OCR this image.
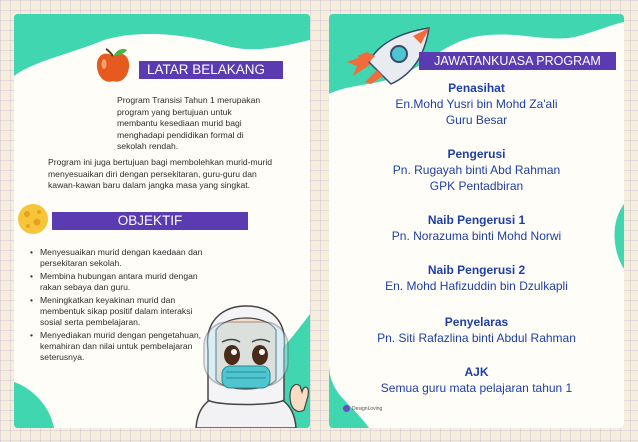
LATAR BELAKANG
Program Transisi Tahun 1 merupakan program yang bertujuan untuk membantu kesediaan murid bagi menghadapi pendidikan formal di sekolah rendah.
Program ini juga bertujuan bagi membolehkan murid-murid menyesuaikan diri dengan persekitaran, guru-guru dan kawan-kawan baru dalam jangka masa yang singkat.
OBJEKTIF
• Menyesuaikan murid dengan kaedaan dan persekitaran sekolah.
• Membina hubungan antara murid dengan rakan sebaya dan guru.
• Meningkatkan keyakinan murid dan membentuk sikap positif dalam interaksi sosial serta pembelajaran.
• Menyediakan murid dengan pengetahuan, kemahiran dan nilai untuk pembelajaran seterusnya.
JAWATANKUASA PROGRAM
Penasihat
En.Mohd Yusri bin Mohd Za'ali
Guru Besar
Pengerusi
Pn. Rugayah binti Abd Rahman
GPK Pentadbiran
Naib Pengerusi 1
Pn. Norazuma binti Mohd Norwi
Naib Pengerusi 2
En. Mohd Hafizuddin bin Dzulkapli
Penyelaras
Pn. Siti Rafazlina binti Abdul Rahman
AJK
Semua guru mata pelajaran tahun 1
DesignLoving
